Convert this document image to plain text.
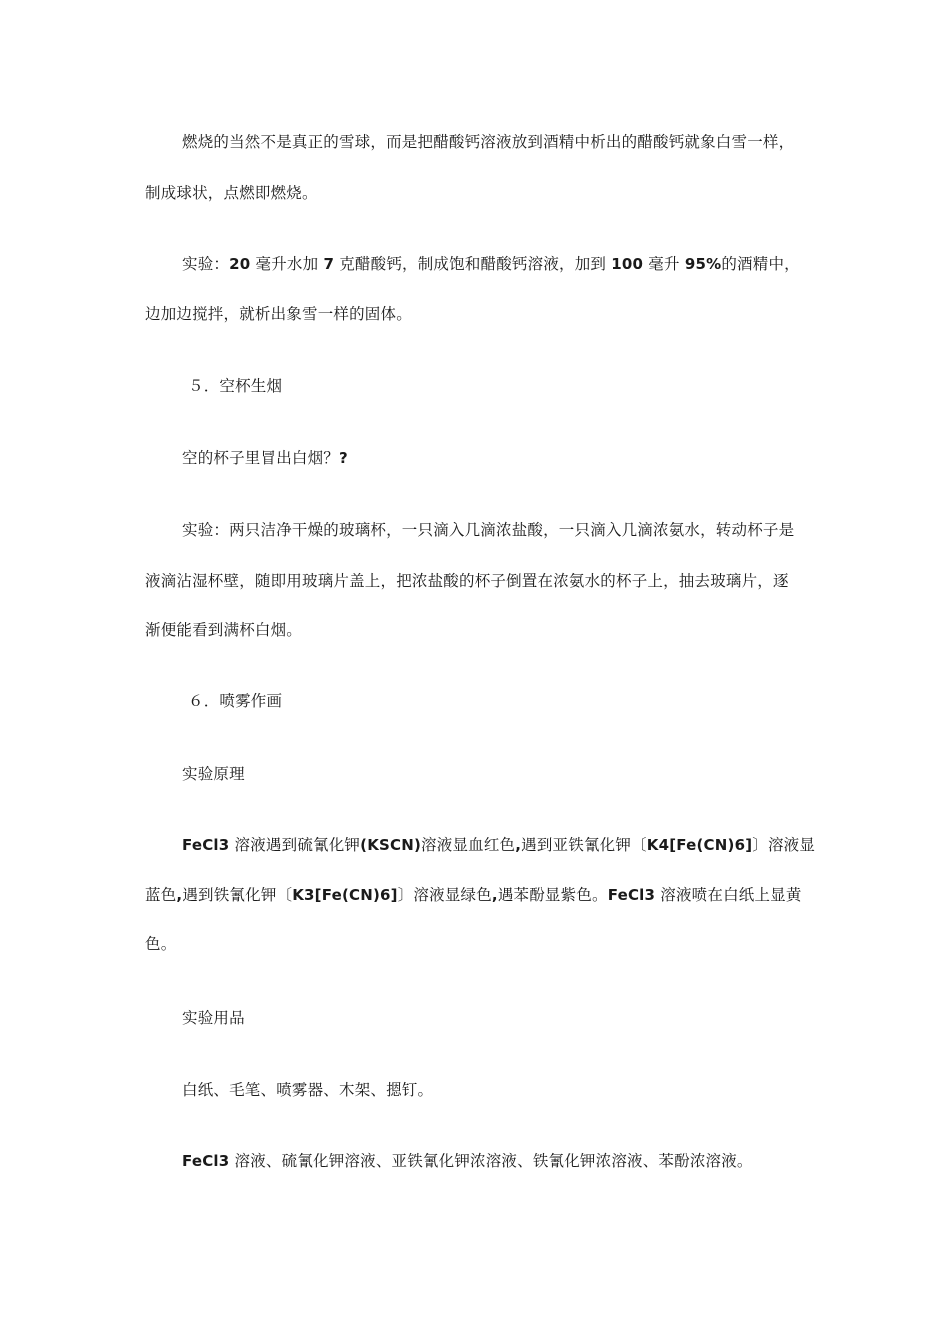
燃烧的当然不是真正的雪球，而是把醋酸钙溶液放到酒精中析出的醋酸钙就象白雪一样，
制成球状，点燃即燃烧。
实验：20 毫升水加 7 克醋酸钙，制成饱和醋酸钙溶液，加到 100 毫升 95%的酒精中，
边加边搅拌，就析出象雪一样的固体。
５．空杯生烟
空的杯子里冒出白烟？?
实验：两只洁净干燥的玻璃杯，一只滴入几滴浓盐酸，一只滴入几滴浓氨水，转动杯子是
液滴沾湿杯壁，随即用玻璃片盖上，把浓盐酸的杯子倒置在浓氨水的杯子上，抽去玻璃片，逐
渐便能看到满杯白烟。
６．喷雾作画
实验原理
FeCl3 溶液遇到硫氰化钾(KSCN)溶液显血红色,遇到亚铁氰化钾〔K4[Fe(CN)6]〕溶液显
蓝色,遇到铁氰化钾〔K3[Fe(CN)6]〕溶液显绿色,遇苯酚显紫色。FeCl3 溶液喷在白纸上显黄
色。
实验用品
白纸、毛笔、喷雾器、木架、摁钉。
FeCl3 溶液、硫氰化钾溶液、亚铁氰化钾浓溶液、铁氰化钾浓溶液、苯酚浓溶液。
